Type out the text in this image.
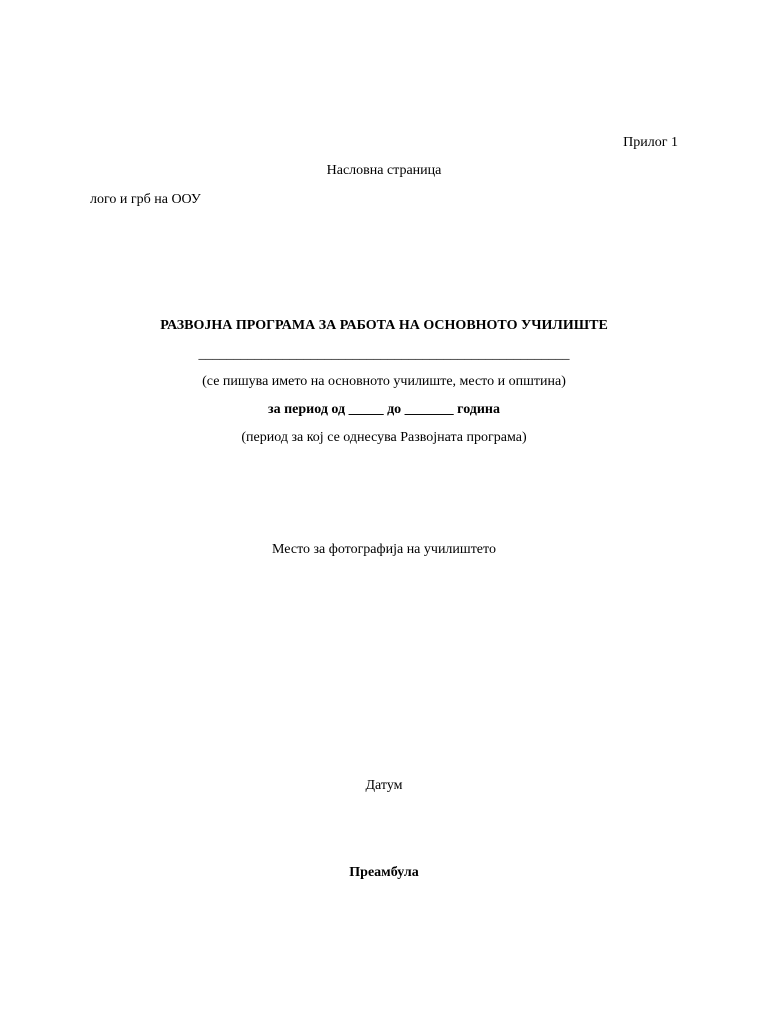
Прилог 1
Насловна страница
лого и грб на ООУ
РАЗВОЈНА ПРОГРАМА ЗА РАБОТА НА ОСНОВНОТО УЧИЛИШТЕ
_____________________________________________________
(се пишува името на основното училиште, место и општина)
за период од _____ до _______ година
(период за кој се однесува Развојната програма)
Место за фотографија на училиштето
Датум
Преамбула
